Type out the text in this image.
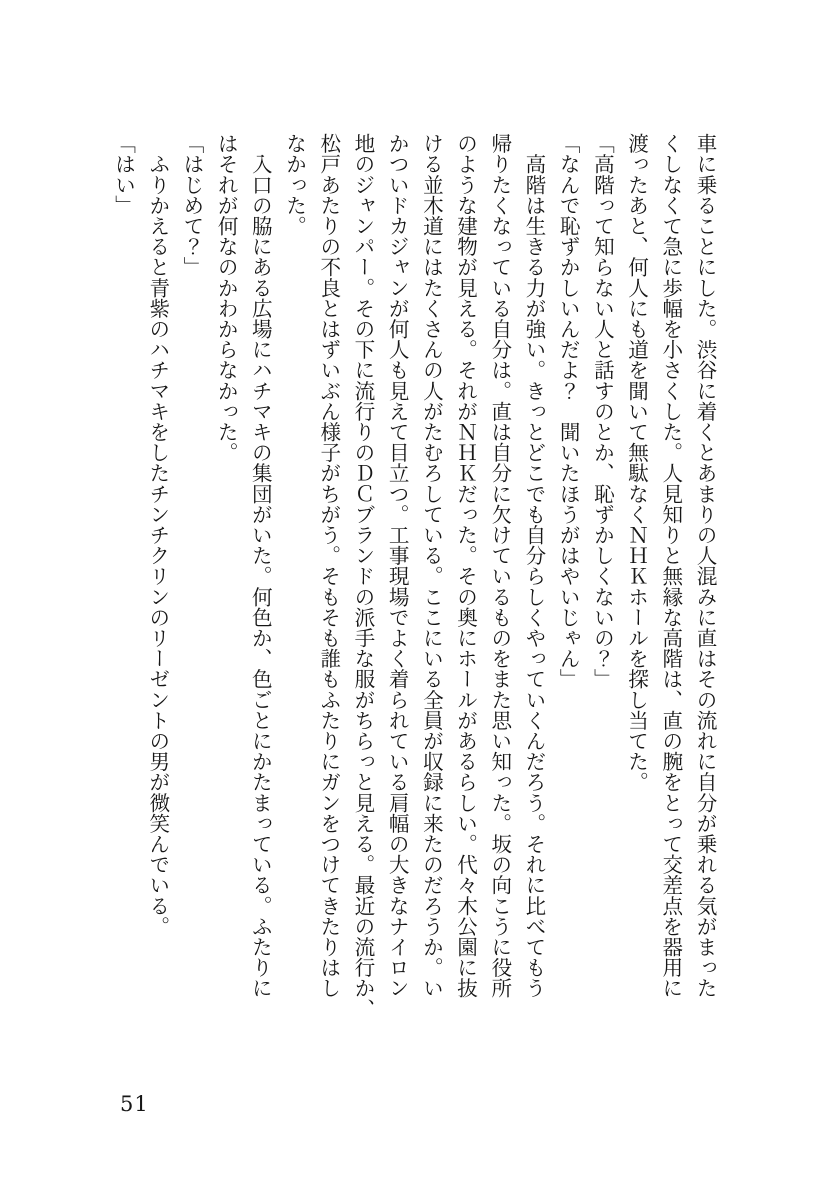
車に乗ることにした。渋谷に着くとあまりの人混みに直はその流れに自分が乗れる気がまった
くしなくて急に歩幅を小さくした。人見知りと無縁な高階は、直の腕をとって交差点を器用に
渡ったあと、何人にも道を聞いて無駄なくＮＨＫホールを探し当てた。
「高階って知らない人と話すのとか、恥ずかしくないの？」
「なんで恥ずかしいんだよ？　聞いたほうがはやいじゃん」
　高階は生きる力が強い。きっとどこでも自分らしくやっていくんだろう。それに比べてもう
帰りたくなっている自分は。直は自分に欠けているものをまた思い知った。坂の向こうに役所
のような建物が見える。それがＮＨＫだった。その奥にホールがあるらしい。代々木公園に抜
ける並木道にはたくさんの人がたむろしている。ここにいる全員が収録に来たのだろうか。い
かついドカジャンが何人も見えて目立つ。工事現場でよく着られている肩幅の大きなナイロン
地のジャンパー。その下に流行りのＤＣブランドの派手な服がちらっと見える。最近の流行か、
松戸あたりの不良とはずいぶん様子がちがう。そもそも誰もふたりにガンをつけてきたりはし
なかった。
　入口の脇にある広場にハチマキの集団がいた。何色か、色ごとにかたまっている。ふたりに
はそれが何なのかわからなかった。
「はじめて？」
　ふりかえると青紫のハチマキをしたチンチクリンのリーゼントの男が微笑んでいる。
「はい」
51
